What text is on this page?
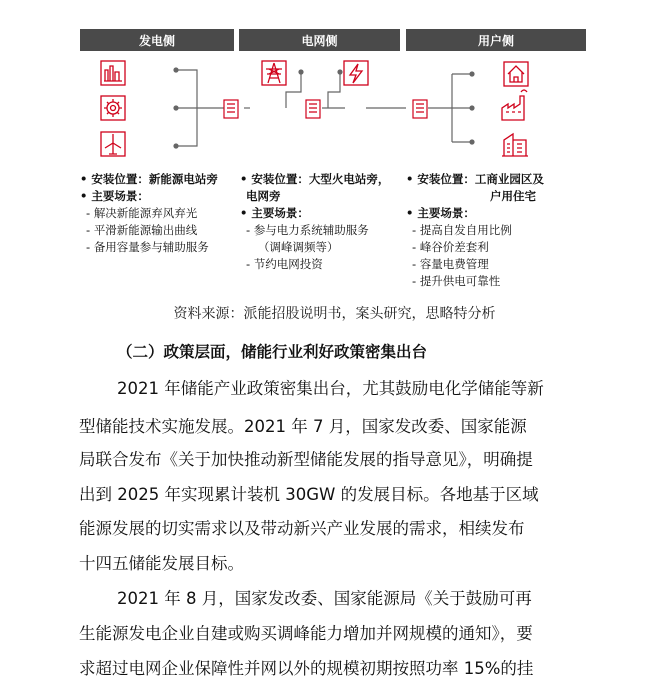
发电侧	电网侧	用户侧
• 安装位置：新能源电站旁
• 主要场景：
- 解决新能源弃风弃光
- 平滑新能源输出曲线
- 备用容量参与辅助服务
• 安装位置：大型火电站旁，
电网旁
• 主要场景：
- 参与电力系统辅助服务
（调峰调频等）
- 节约电网投资
• 安装位置：工商业园区及
户用住宅
• 主要场景：
- 提高自发自用比例
- 峰谷价差套利
- 容量电费管理
- 提升供电可靠性
资料来源：派能招股说明书，案头研究，思略特分析
（二）政策层面，储能行业利好政策密集出台
2021 年储能产业政策密集出台，尤其鼓励电化学储能等新
型储能技术实施发展。2021 年 7 月，国家发改委、国家能源
局联合发布《关于加快推动新型储能发展的指导意见》，明确提
出到 2025 年实现累计装机 30GW 的发展目标。各地基于区域
能源发展的切实需求以及带动新兴产业发展的需求，相续发布
十四五储能发展目标。
2021 年 8 月，国家发改委、国家能源局《关于鼓励可再
生能源发电企业自建或购买调峰能力增加并网规模的通知》，要
求超过电网企业保障性并网以外的规模初期按照功率 15%的挂
